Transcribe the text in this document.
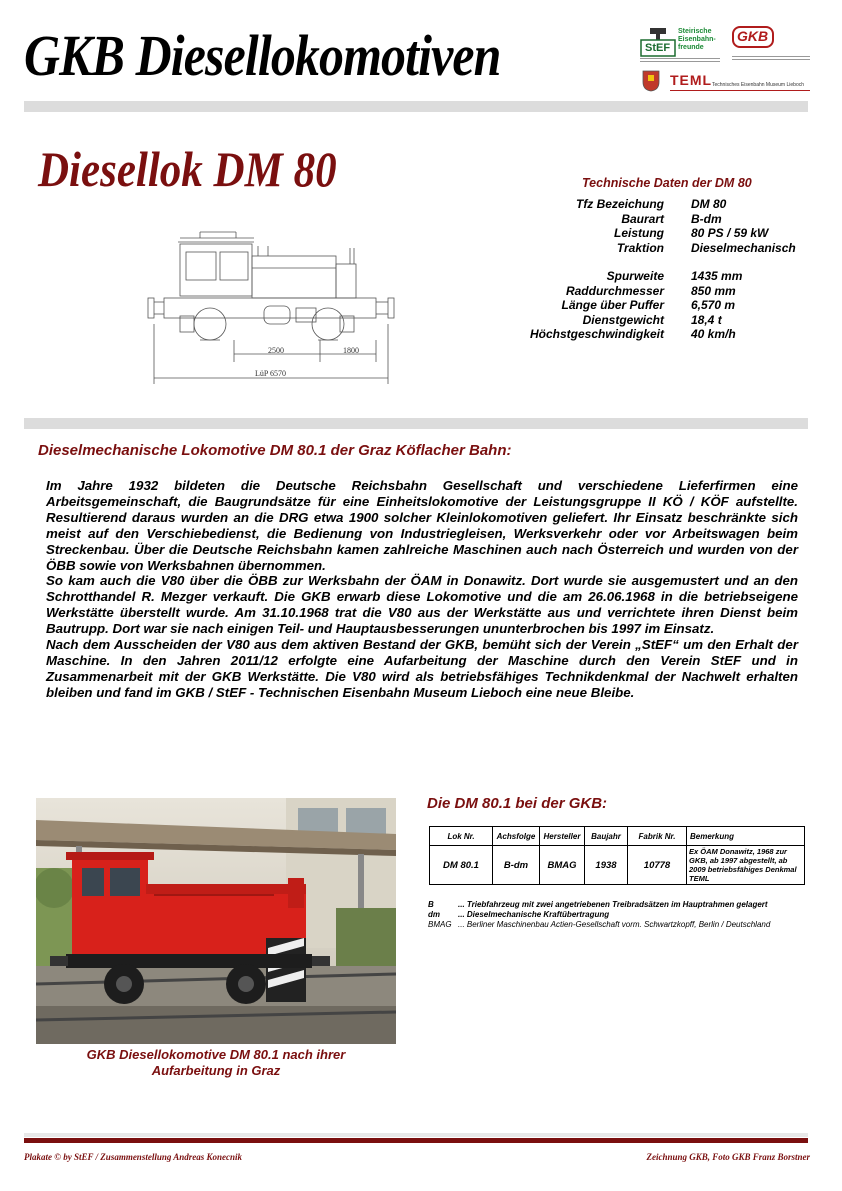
GKB Diesellokomotiven	StEF
Steirische
Eisenbahn-
freunde
GKB
TEML Technisches Eisenbahn Museum Lieboch
Diesellok DM 80	Technische Daten der DM 80
Tfz Bezeichung DM 80
Baurart B-dm
Leistung 80 PS / 59 kW
Traktion Dieselmechanisch
Spurweite 1435 mm
Raddurchmesser 850 mm
Länge über Puffer 6,570 m
Dienstgewicht 18,4 t
Höchstgeschwindigkeit 40 km/h
2500	1800
LüP 6570
Dieselmechanische Lokomotive DM 80.1 der Graz Köflacher Bahn:

Im Jahre 1932 bildeten die Deutsche Reichsbahn Gesellschaft und verschiedene Lieferfirmen eine Arbeitsgemeinschaft, die Baugrundsätze für eine Einheitslokomotive der Leistungsgruppe II KÖ / KÖF aufstellte. Resultierend daraus wurden an die DRG etwa 1900 solcher Kleinlokomotiven geliefert. Ihr Einsatz beschränkte sich meist auf den Verschiebedienst, die Bedienung von Industriegleisen, Werksverkehr oder vor Arbeitswagen beim Streckenbau. Über die Deutsche Reichsbahn kamen zahlreiche Maschinen auch nach Österreich und wurden von der ÖBB sowie von Werksbahnen übernommen.

So kam auch die V80 über die ÖBB zur Werksbahn der ÖAM in Donawitz. Dort wurde sie ausgemustert und an den Schrotthandel R. Mezger verkauft. Die GKB erwarb diese Lokomotive und die am 26.06.1968 in die betriebseigene Werkstätte überstellt wurde. Am 31.10.1968 trat die V80 aus der Werkstätte aus und verrichtete ihren Dienst beim Bautrupp. Dort war sie nach einigen Teil- und Hauptausbesserungen ununterbrochen bis 1997 im Einsatz.

Nach dem Ausscheiden der V80 aus dem aktiven Bestand der GKB, bemüht sich der Verein „StEF“ um den Erhalt der Maschine. In den Jahren 2011/12 erfolgte eine Aufarbeitung der Maschine durch den Verein StEF und in Zusammenarbeit mit der GKB Werkstätte. Die V80 wird als betriebsfähiges Technikdenkmal der Nachwelt erhalten bleiben und fand im GKB / StEF - Technischen Eisenbahn Museum Lieboch eine neue Bleibe.

GKB Diesellokomotive DM 80.1 nach ihrer
Aufarbeitung in Graz
Die DM 80.1 bei der GKB:
Lok Nr.	Achsfolge	Hersteller	Baujahr	Fabrik Nr.	Bemerkung
DM 80.1	B-dm	BMAG	1938	10778	Ex ÖAM Donawitz, 1968 zur GKB, ab 1997 abgestellt, ab 2009 betriebsfähiges Denkmal TEML
B	... Triebfahrzeug mit zwei angetriebenen Treibradsätzen im Hauptrahmen gelagert
dm ... Dieselmechanische Kraftübertragung
BMAG ... Berliner Maschinenbau Actien-Gesellschaft vorm. Schwartzkopff, Berlin / Deutschland
Plakate © by StEF / Zusammenstellung Andreas Konecnik	Zeichnung GKB, Foto GKB Franz Borstner
